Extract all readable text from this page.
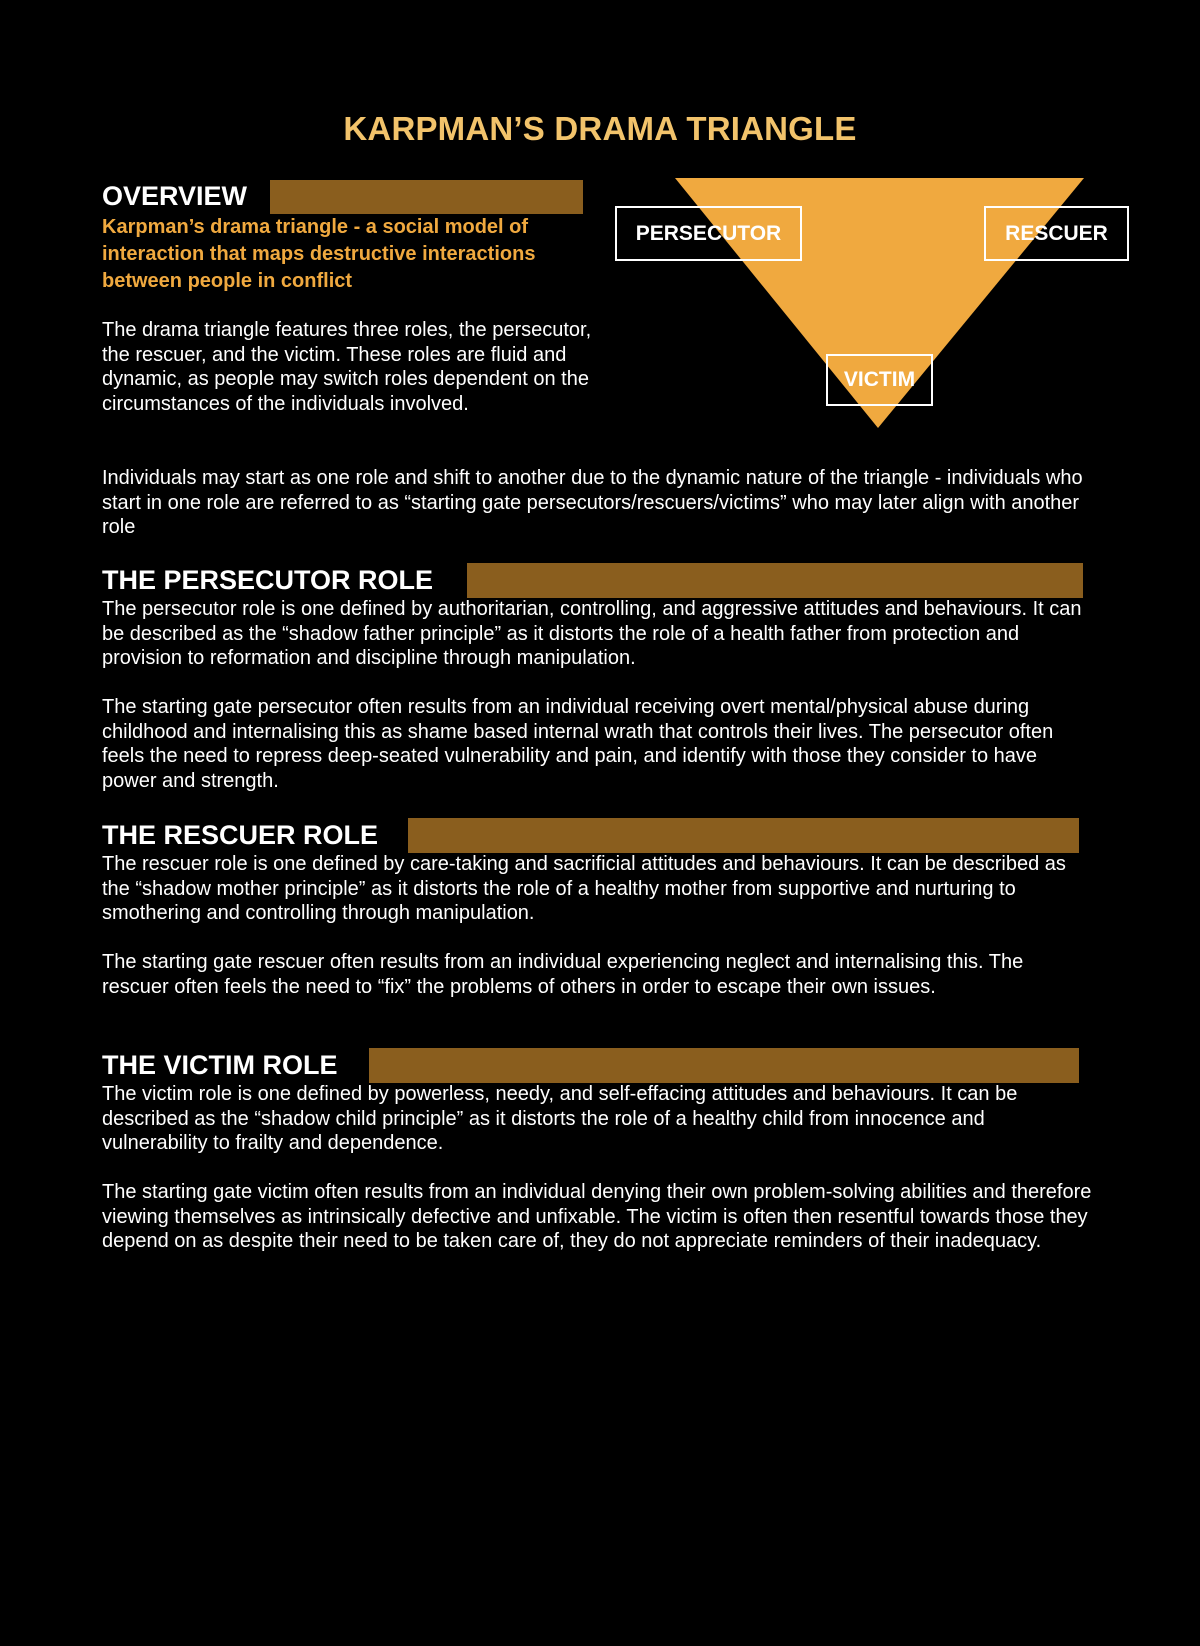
KARPMAN’S DRAMA TRIANGLE
OVERVIEW
Karpman’s drama triangle - a social model of interaction that maps destructive interactions between people in conflict
The drama triangle features three roles, the persecutor, the rescuer, and the victim. These roles are fluid and dynamic, as people may switch roles dependent on the circumstances of the individuals involved.
Individuals may start as one role and shift to another due to the dynamic nature of the triangle - individuals who start in one role are referred to as “starting gate persecutors/rescuers/victims” who may later align with another role
PERSECUTOR	RESCUER
VICTIM
THE PERSECUTOR ROLE
The persecutor role is one defined by authoritarian, controlling, and aggressive attitudes and behaviours. It can be described as the “shadow father principle” as it distorts the role of a health father from protection and provision to reformation and discipline through manipulation.
The starting gate persecutor often results from an individual receiving overt mental/physical abuse during childhood and internalising this as shame based internal wrath that controls their lives. The persecutor often feels the need to repress deep-seated vulnerability and pain, and identify with those they consider to have power and strength.
THE RESCUER ROLE
The rescuer role is one defined by care-taking and sacrificial attitudes and behaviours. It can be described as the “shadow mother principle” as it distorts the role of a healthy mother from supportive and nurturing to smothering and controlling through manipulation.
The starting gate rescuer often results from an individual experiencing neglect and internalising this. The rescuer often feels the need to “fix” the problems of others in order to escape their own issues.
THE VICTIM ROLE
The victim role is one defined by powerless, needy, and self-effacing attitudes and behaviours. It can be described as the “shadow child principle” as it distorts the role of a healthy child from innocence and vulnerability to frailty and dependence.
The starting gate victim often results from an individual denying their own problem-solving abilities and therefore viewing themselves as intrinsically defective and unfixable. The victim is often then resentful towards those they depend on as despite their need to be taken care of, they do not appreciate reminders of their inadequacy.
